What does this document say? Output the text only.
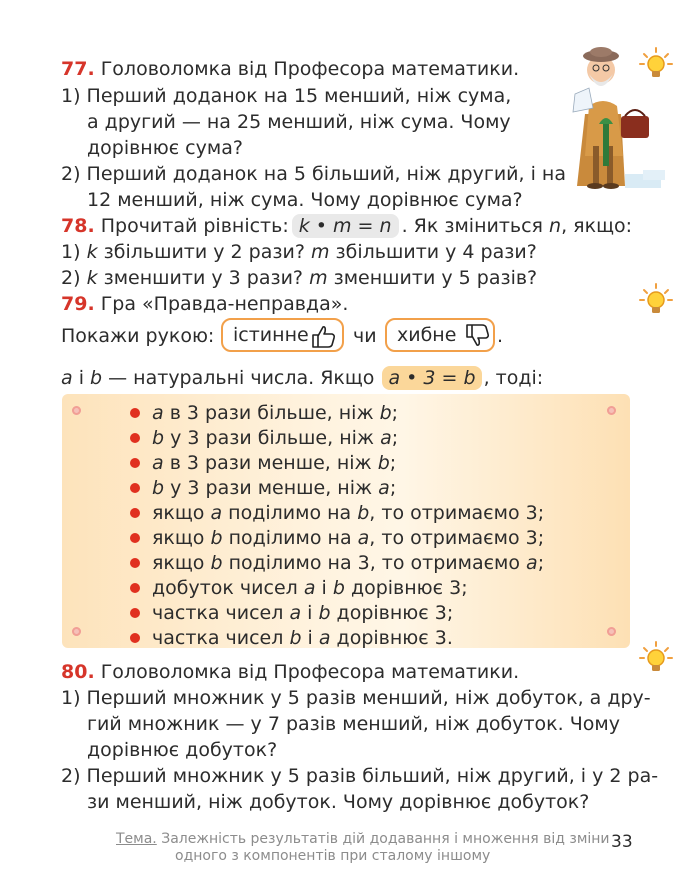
77. Головоломка від Професора математики.
1) Перший доданок на 15 менший, ніж сума,
а другий — на 25 менший, ніж сума. Чому
дорівнює сума?
2) Перший доданок на 5 більший, ніж другий, і на
12 менший, ніж сума. Чому дорівнює сума?
78. Прочитай рівність: k • m = n . Як зміниться n, якщо:
1) k збільшити у 2 рази? m збільшити у 4 рази?
2) k зменшити у 3 рази? m зменшити у 5 разів?
79. Гра «Правда-неправда».
Покажи рукою: істинне	чи	хибне	.
a і b — натуральні числа. Якщо a • 3 = b , тоді:
a в 3 рази більше, ніж b;
b у 3 рази більше, ніж a;
a в 3 рази менше, ніж b;
b у 3 рази менше, ніж a;
якщо a поділимо на b, то отримаємо 3;
якщо b поділимо на a, то отримаємо 3;
якщо b поділимо на 3, то отримаємо a;
добуток чисел a і b дорівнює 3;
частка чисел a і b дорівнює 3;
частка чисел b і a дорівнює 3.
80. Головоломка від Професора математики.
1) Перший множник у 5 разів менший, ніж добуток, а дру-
гий множник — у 7 разів менший, ніж добуток. Чому
дорівнює добуток?
2) Перший множник у 5 разів більший, ніж другий, і у 2 ра-
зи менший, ніж добуток. Чому дорівнює добуток?
Тема. Залежність результатів дій додавання і множення від зміни
одного з компонентів при сталому іншому
33
